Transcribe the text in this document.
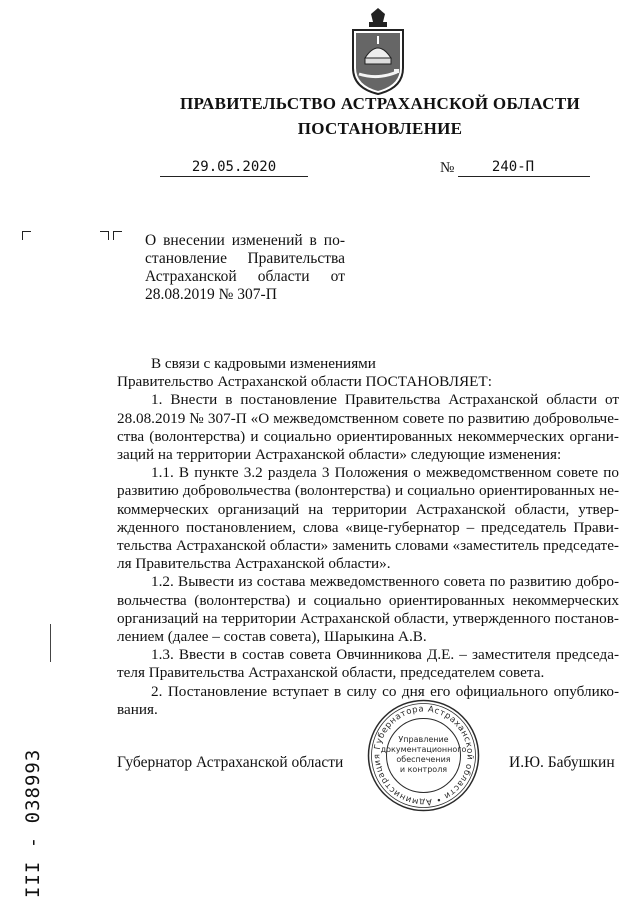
ПРАВИТЕЛЬСТВО АСТРАХАНСКОЙ ОБЛАСТИ
ПОСТАНОВЛЕНИЕ
29.05.2020	№	240-П
О внесении изменений в по-
становление Правительства
Астраханской области от
28.08.2019 № 307-П
В связи с кадровыми изменениями
Правительство Астраханской области ПОСТАНОВЛЯЕТ:
1. Внести в постановление Правительства Астраханской области от
28.08.2019 № 307-П «О межведомственном совете по развитию добровольче-
ства (волонтерства) и социально ориентированных некоммерческих органи-
заций на территории Астраханской области» следующие изменения:
1.1. В пункте 3.2 раздела 3 Положения о межведомственном совете по
развитию добровольчества (волонтерства) и социально ориентированных не-
коммерческих организаций на территории Астраханской области, утвер-
жденного постановлением, слова «вице-губернатор – председатель Прави-
тельства Астраханской области» заменить словами «заместитель председате-
ля Правительства Астраханской области».
1.2. Вывести из состава межведомственного совета по развитию добро-
вольчества (волонтерства) и социально ориентированных некоммерческих
организаций на территории Астраханской области, утвержденного постанов-
лением (далее – состав совета), Шарыкина А.В.
1.3. Ввести в состав совета Овчинникова Д.Е. – заместителя председа-
теля Правительства Астраханской области, председателем совета.
2. Постановление вступает в силу со дня его официального опублико-
вания.
Губернатор Астраханской области	И.Ю. Бабушкин
Губернатора Астраханской области • Администрация
Управление
документационного
обеспечения
и контроля
ІІІ - 038993
